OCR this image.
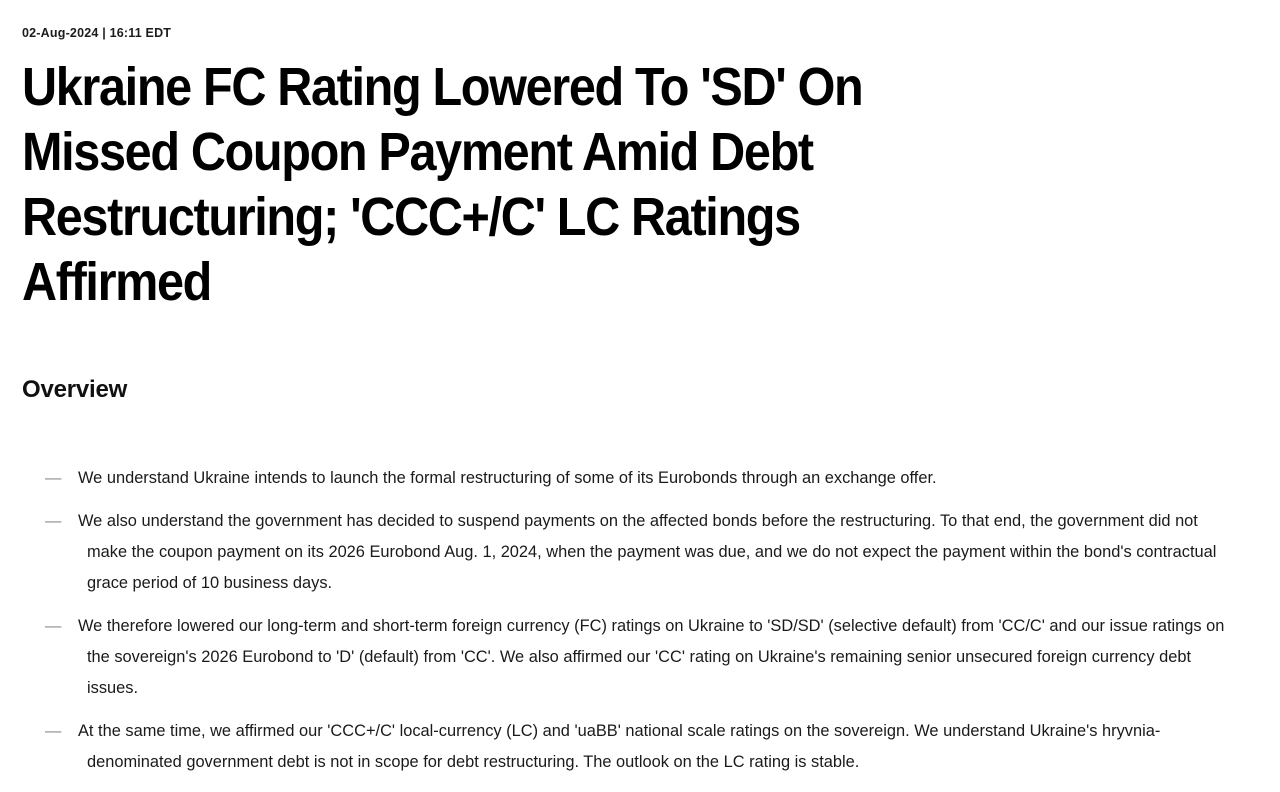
02-Aug-2024 | 16:11 EDT
Ukraine FC Rating Lowered To 'SD' On
Missed Coupon Payment Amid Debt
Restructuring; 'CCC+/C' LC Ratings
Affirmed
Overview
— We understand Ukraine intends to launch the formal restructuring of some of its Eurobonds through an exchange offer.
— We also understand the government has decided to suspend payments on the affected bonds before the restructuring. To that end, the government did not make the coupon payment on its 2026 Eurobond Aug. 1, 2024, when the payment was due, and we do not expect the payment within the bond's contractual grace period of 10 business days.
— We therefore lowered our long-term and short-term foreign currency (FC) ratings on Ukraine to 'SD/SD' (selective default) from 'CC/C' and our issue ratings on the sovereign's 2026 Eurobond to 'D' (default) from 'CC'. We also affirmed our 'CC' rating on Ukraine's remaining senior unsecured foreign currency debt issues.
— At the same time, we affirmed our 'CCC+/C' local-currency (LC) and 'uaBB' national scale ratings on the sovereign. We understand Ukraine's hryvnia-denominated government debt is not in scope for debt restructuring. The outlook on the LC rating is stable.
